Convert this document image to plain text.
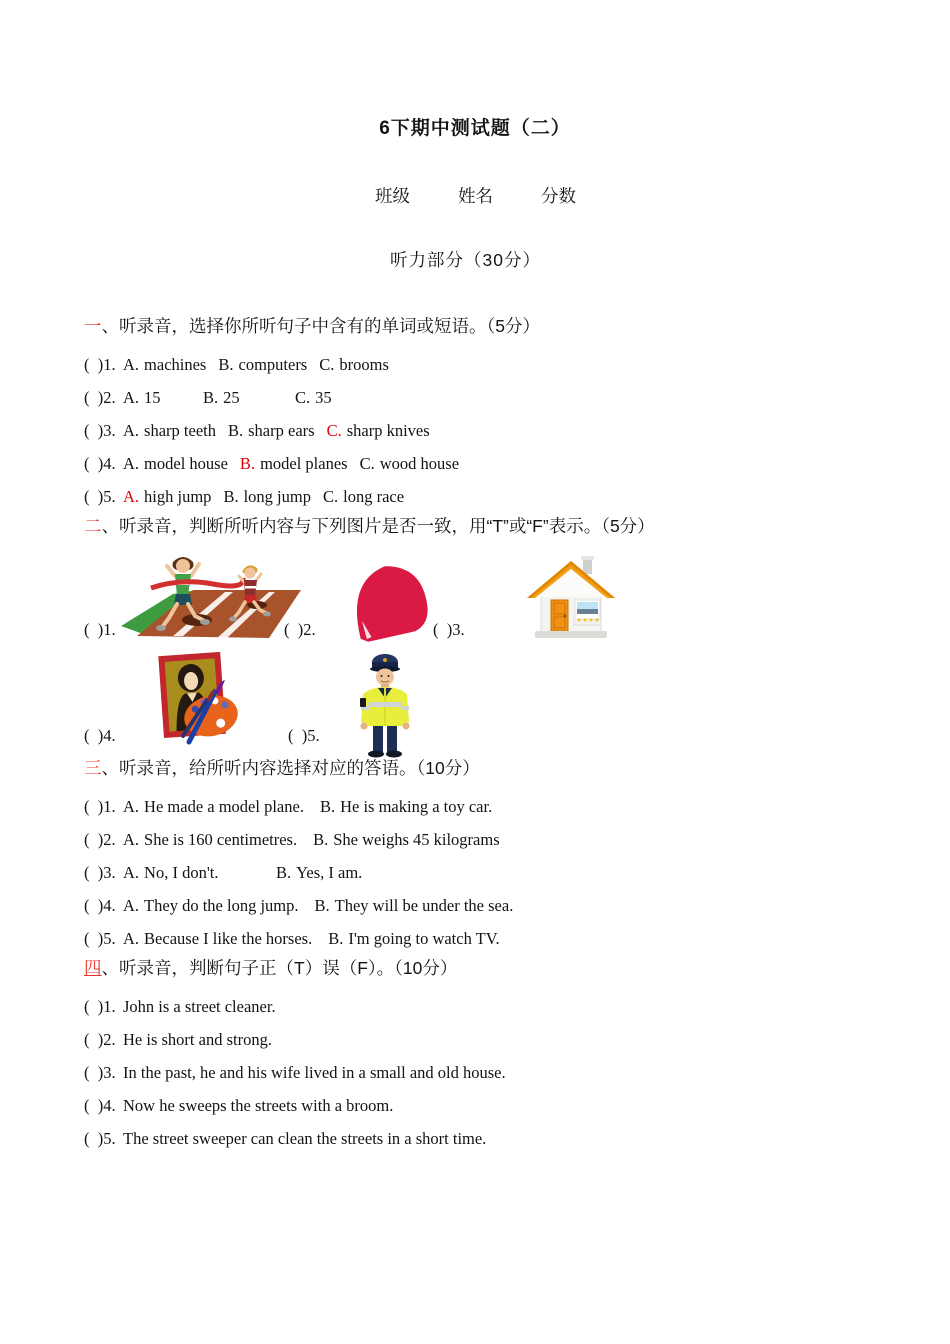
6下期中测试题（二）
班级	姓名	分数
听力部分（30分）
一、听录音，选择你所听句子中含有的单词或短语。（5分）
(  )1. A. machines B. computers C. brooms
(  )2. A. 15	B. 25	C. 35
(  )3. A. sharp teeth B. sharp ears C. sharp knives
(  )4. A. model house B. model planes C. wood house
(  )5. A. high jump B. long jump C. long race
二、听录音，判断所听内容与下列图片是否一致，用“T”或“F”表示。（5分）
(  )1.	(  )2.	(  )3.
(  )4.	(  )5.
三、听录音，给所听内容选择对应的答语。（10分）
(  )1. A. He made a model plane. B. He is making a toy car.
(  )2. A. She is 160 centimetres. B. She weighs 45 kilograms
(  )3. A. No, I don't.	B. Yes, I am.
(  )4. A. They do the long jump. B. They will be under the sea.
(  )5. A. Because I like the horses. B. I'm going to watch TV.
四、听录音，判断句子正（T）误（F）。（10分）
(  )1. John is a street cleaner.
(  )2. He is short and strong.
(  )3. In the past, he and his wife lived in a small and old house.
(  )4. Now he sweeps the streets with a broom.
(  )5. The street sweeper can clean the streets in a short time.
